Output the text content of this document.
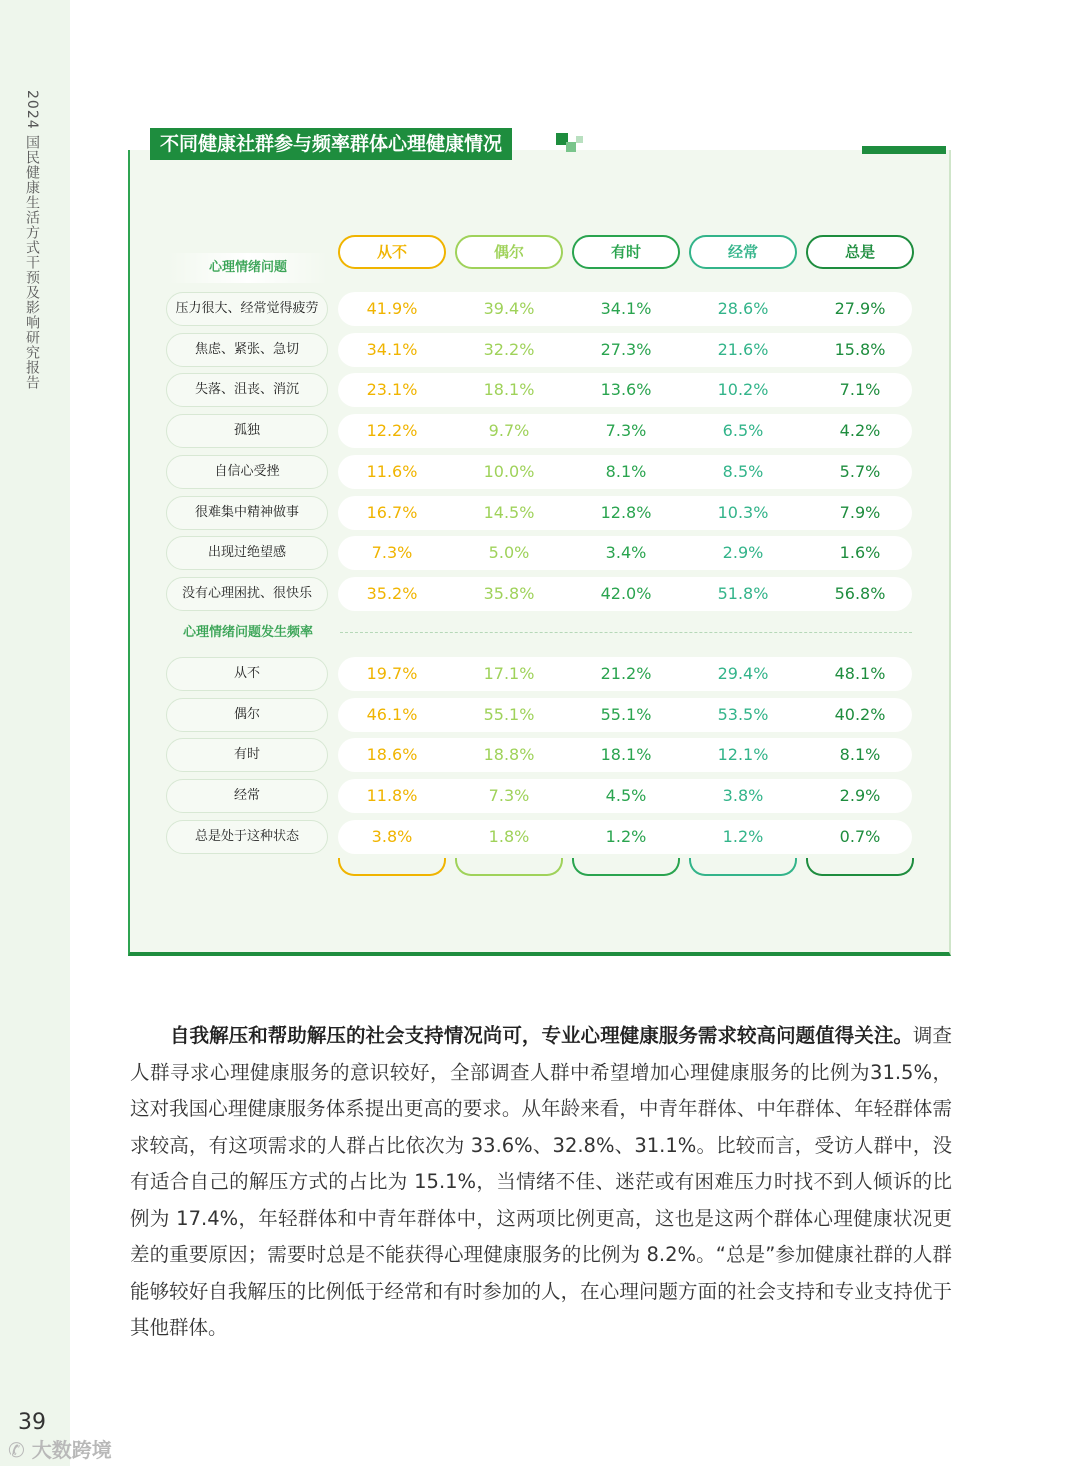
2024 国民健康生活方式干预及影响研究报告
39
✆ 大数跨境
不同健康社群参与频率群体心理健康情况
从不	偶尔	有时	经常	总是
心理情绪问题
心理情绪问题发生频率
压力很大、经常觉得疲劳	41.9%	39.4%	34.1%	28.6%	27.9%
焦虑、紧张、急切	34.1%	32.2%	27.3%	21.6%	15.8%
失落、沮丧、消沉	23.1%	18.1%	13.6%	10.2%	7.1%
孤独	12.2%	9.7%	7.3%	6.5%	4.2%
自信心受挫	11.6%	10.0%	8.1%	8.5%	5.7%
很难集中精神做事	16.7%	14.5%	12.8%	10.3%	7.9%
出现过绝望感	7.3%	5.0%	3.4%	2.9%	1.6%
没有心理困扰、很快乐	35.2%	35.8%	42.0%	51.8%	56.8%
从不	19.7%	17.1%	21.2%	29.4%	48.1%
偶尔	46.1%	55.1%	55.1%	53.5%	40.2%
有时	18.6%	18.8%	18.1%	12.1%	8.1%
经常	11.8%	7.3%	4.5%	3.8%	2.9%
总是处于这种状态	3.8%	1.8%	1.2%	1.2%	0.7%
自我解压和帮助解压的社会支持情况尚可，专业心理健康服务需求较高问题值得关注。调查人群寻求心理健康服务的意识较好，全部调查人群中希望增加心理健康服务的比例为31.5%，这对我国心理健康服务体系提出更高的要求。从年龄来看，中青年群体、中年群体、年轻群体需求较高，有这项需求的人群占比依次为 33.6%、32.8%、31.1%。比较而言，受访人群中，没有适合自己的解压方式的占比为 15.1%，当情绪不佳、迷茫或有困难压力时找不到人倾诉的比例为 17.4%，年轻群体和中青年群体中，这两项比例更高，这也是这两个群体心理健康状况更差的重要原因；需要时总是不能获得心理健康服务的比例为 8.2%。“总是”参加健康社群的人群能够较好自我解压的比例低于经常和有时参加的人，在心理问题方面的社会支持和专业支持优于其他群体。
